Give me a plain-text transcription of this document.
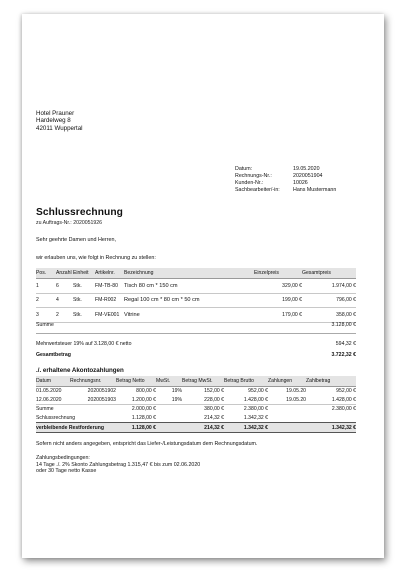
Hotel Prauner
Hardelweg 8
42011 Wuppertal
Datum:	19.05.2020
Rechnungs-Nr.:	2020051904
Kunden-Nr.:	10026
Sachbearbeiter/-in:	Hans Mustermann
Schlussrechnung
zu Auftrags-Nr.: 2020051926
Sehr geehrte Damen und Herren,
wir erlauben uns, wie folgt in Rechnung zu stellen:
Pos.	Anzahl	Einheit	Artikelnr.	Bezeichnung	Einzelpreis	Gesamtpreis
1	6	Stk.	FM-TB-80	Tisch 80 cm * 150 cm	329,00 €	1.974,00 €
2	4	Stk.	FM-R002	Regal 100 cm * 80 cm * 50 cm	199,00 €	796,00 €
3	2	Stk.	FM-VE001	Vitrine	179,00 €	358,00 €
Summe	3.128,00 €
Mehrwertsteuer 19% auf 3.128,00 € netto	594,32 €
Gesamtbetrag	3.722,32 €
./. erhaltene Akontozahlungen
Datum	Rechnungsnr.	Betrag Netto	MwSt.	Betrag MwSt.	Betrag Brutto	Zahlungen	Zahlbetrag
01.05.2020	2020051902	800,00 €	19%	152,00 €	952,00 €	19.05.20	952,00 €
12.06.2020	2020051903	1.200,00 €	19%	228,00 €	1.428,00 €	19.05.20	1.428,00 €
Summe		2.000,00 €		380,00 €	2.380,00 €		2.380,00 €
Schlussrechnung		1.128,00 €		214,32 €	1.342,32 €		
verbleibende Restforderung		1.128,00 €		214,32 €	1.342,32 €		1.342,32 €
Sofern nicht anders angegeben, entspricht das Liefer-/Leistungsdatum dem Rechnungsdatum.
Zahlungsbedingungen:
14 Tage ./. 2% Skonto Zahlungsbetrag 1.315,47 € bis zum 02.06.2020
oder 30 Tage netto Kasse
